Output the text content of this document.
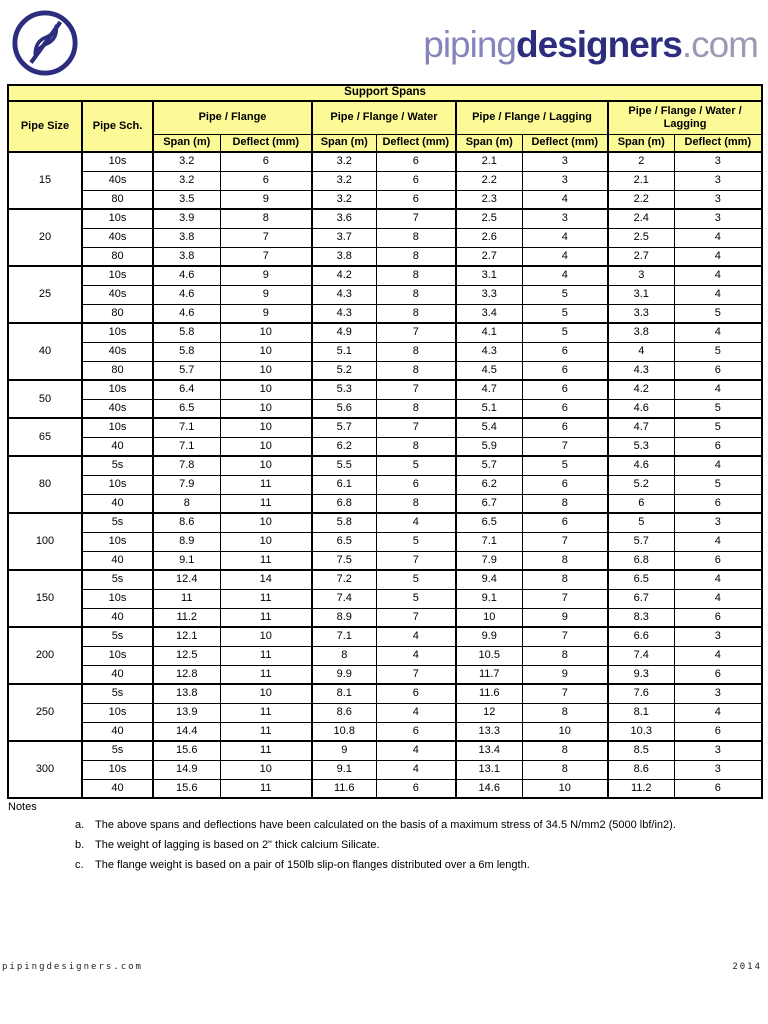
pipingdesigners.com
Support Spans									
Pipe Size	Pipe Sch.	Pipe / Flange		Pipe / Flange / Water		Pipe / Flange / Lagging		Pipe / Flange / Water / Lagging	
		Span (m)	Deflect (mm)	Span (m)	Deflect (mm)	Span (m)	Deflect (mm)	Span (m)	Deflect (mm)
15	10s	3.2	6	3.2	6	2.1	3	2	3
	40s	3.2	6	3.2	6	2.2	3	2.1	3
	80	3.5	9	3.2	6	2.3	4	2.2	3
20	10s	3.9	8	3.6	7	2.5	3	2.4	3
	40s	3.8	7	3.7	8	2.6	4	2.5	4
	80	3.8	7	3.8	8	2.7	4	2.7	4
25	10s	4.6	9	4.2	8	3.1	4	3	4
	40s	4.6	9	4.3	8	3.3	5	3.1	4
	80	4.6	9	4.3	8	3.4	5	3.3	5
40	10s	5.8	10	4.9	7	4.1	5	3.8	4
	40s	5.8	10	5.1	8	4.3	6	4	5
	80	5.7	10	5.2	8	4.5	6	4.3	6
50	10s	6.4	10	5.3	7	4.7	6	4.2	4
	40s	6.5	10	5.6	8	5.1	6	4.6	5
65	10s	7.1	10	5.7	7	5.4	6	4.7	5
	40	7.1	10	6.2	8	5.9	7	5.3	6
80	5s	7.8	10	5.5	5	5.7	5	4.6	4
	10s	7.9	11	6.1	6	6.2	6	5.2	5
	40	8	11	6.8	8	6.7	8	6	6
100	5s	8.6	10	5.8	4	6.5	6	5	3
	10s	8.9	10	6.5	5	7.1	7	5.7	4
	40	9.1	11	7.5	7	7.9	8	6.8	6
150	5s	12.4	14	7.2	5	9.4	8	6.5	4
	10s	11	11	7.4	5	9.1	7	6.7	4
	40	11.2	11	8.9	7	10	9	8.3	6
200	5s	12.1	10	7.1	4	9.9	7	6.6	3
	10s	12.5	11	8	4	10.5	8	7.4	4
	40	12.8	11	9.9	7	11.7	9	9.3	6
250	5s	13.8	10	8.1	6	11.6	7	7.6	3
	10s	13.9	11	8.6	4	12	8	8.1	4
	40	14.4	11	10.8	6	13.3	10	10.3	6
300	5s	15.6	11	9	4	13.4	8	8.5	3
	10s	14.9	10	9.1	4	13.1	8	8.6	3
	40	15.6	11	11.6	6	14.6	10	11.2	6
Notes
a. The above spans and deflections have been calculated on the basis of a maximum stress of 34.5 N/mm2 (5000 lbf/in2).
b. The weight of lagging is based on 2" thick calcium Silicate.
c.	The flange weight is based on a pair of 150lb slip-on flanges distributed over a 6m length.
pipingdesigners.com	2014
